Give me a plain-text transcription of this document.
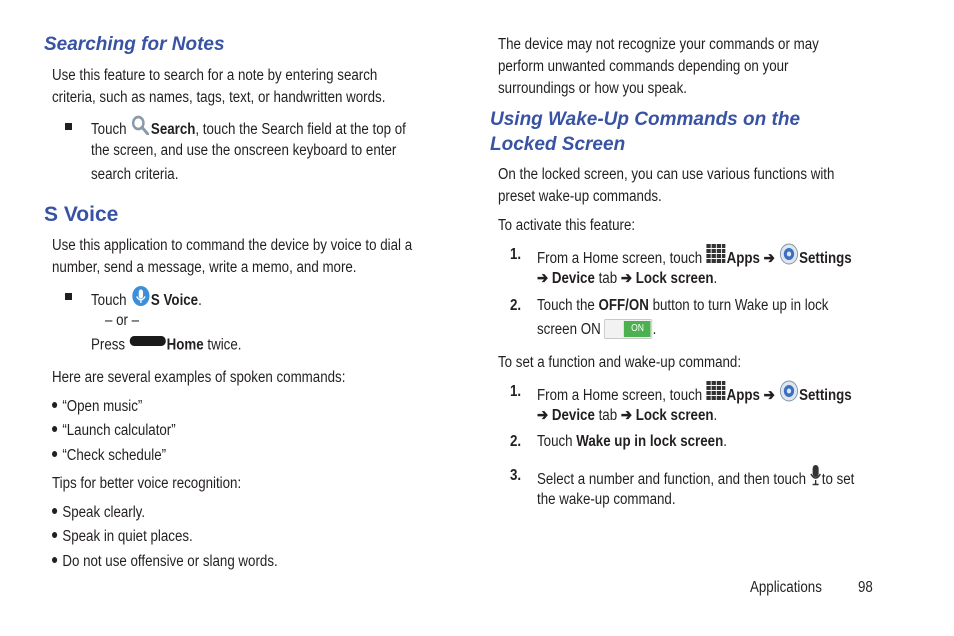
Searching for Notes
Use this feature to search for a note by entering search
criteria, such as names, tags, text, or handwritten words.
Touch Search, touch the Search field at the top of
the screen, and use the onscreen keyboard to enter
search criteria.
S Voice
Use this application to command the device by voice to dial a
number, send a message, write a memo, and more.
Touch S Voice.
– or –
Press	Home twice.
Here are several examples of spoken commands:
“Open music”
“Launch calculator”
“Check schedule”
Tips for better voice recognition:
Speak clearly.
Speak in quiet places.
Do not use offensive or slang words.
The device may not recognize your commands or may
perform unwanted commands depending on your
surroundings or how you speak.
Using Wake-Up Commands on the
Locked Screen
On the locked screen, you can use various functions with
preset wake-up commands.
To activate this feature:
1. From a Home screen, touch Apps ➔ Settings
➔ Device tab ➔ Lock screen.
2. Touch the OFF/ON button to turn Wake up in lock
screen ON	ON .
To set a function and wake-up command:
1. From a Home screen, touch Apps ➔ Settings
➔ Device tab ➔ Lock screen.
2. Touch Wake up in lock screen.
3. Select a number and function, and then touch to set
the wake-up command.
Applications 98
